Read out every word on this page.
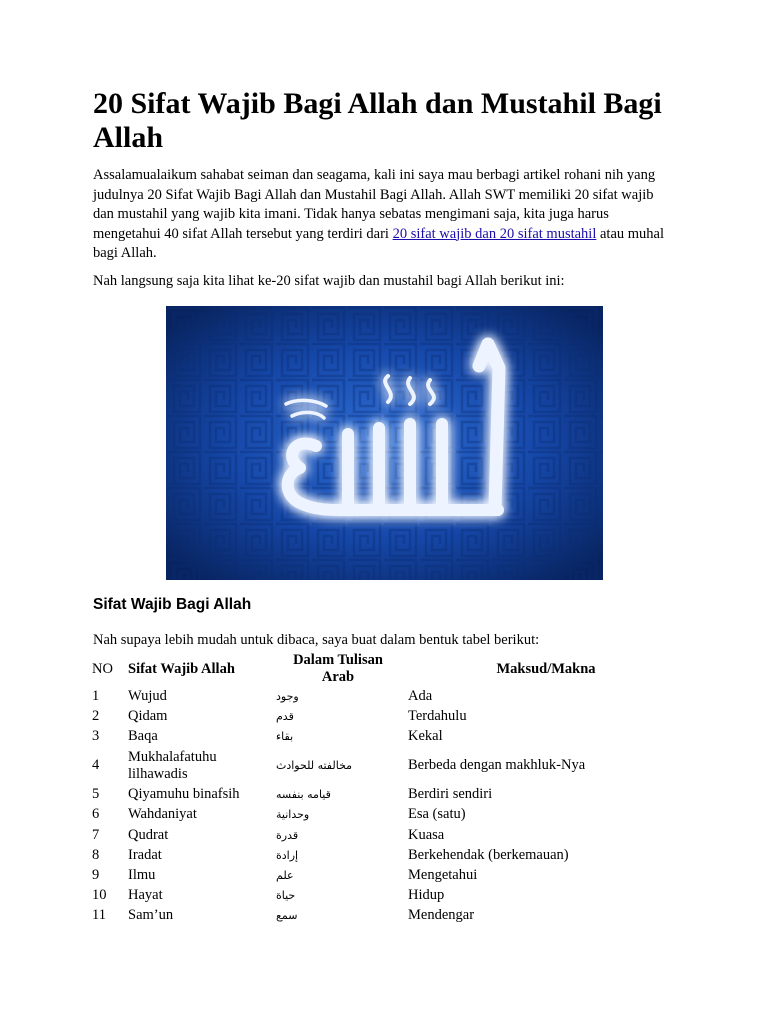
20 Sifat Wajib Bagi Allah dan Mustahil Bagi Allah

Assalamualaikum sahabat seiman dan seagama, kali ini saya mau berbagi artikel rohani nih yang judulnya 20 Sifat Wajib Bagi Allah dan Mustahil Bagi Allah. Allah SWT memiliki 20 sifat wajib dan mustahil yang wajib kita imani. Tidak hanya sebatas mengimani saja, kita juga harus mengetahui 40 sifat Allah tersebut yang terdiri dari 20 sifat wajib dan 20 sifat mustahil atau muhal bagi Allah.

Nah langsung saja kita lihat ke-20 sifat wajib dan mustahil bagi Allah berikut ini:

Sifat Wajib Bagi Allah

Nah supaya lebih mudah untuk dibaca, saya buat dalam bentuk tabel berikut:

NO	Sifat Wajib Allah	Dalam Tulisan Arab	Maksud/Makna
1	Wujud	وجود	Ada
2	Qidam	قدم	Terdahulu
3	Baqa	بقاء	Kekal
4	Mukhalafatuhu lilhawadis	مخالفته للحوادث	Berbeda dengan makhluk-Nya
5	Qiyamuhu binafsih	قيامه بنفسه	Berdiri sendiri
6	Wahdaniyat	وحدانية	Esa (satu)
7	Qudrat	قدرة	Kuasa
8	Iradat	إرادة	Berkehendak (berkemauan)
9	Ilmu	علم	Mengetahui
10	Hayat	حياة	Hidup
11	Sam’un	سمع	Mendengar
